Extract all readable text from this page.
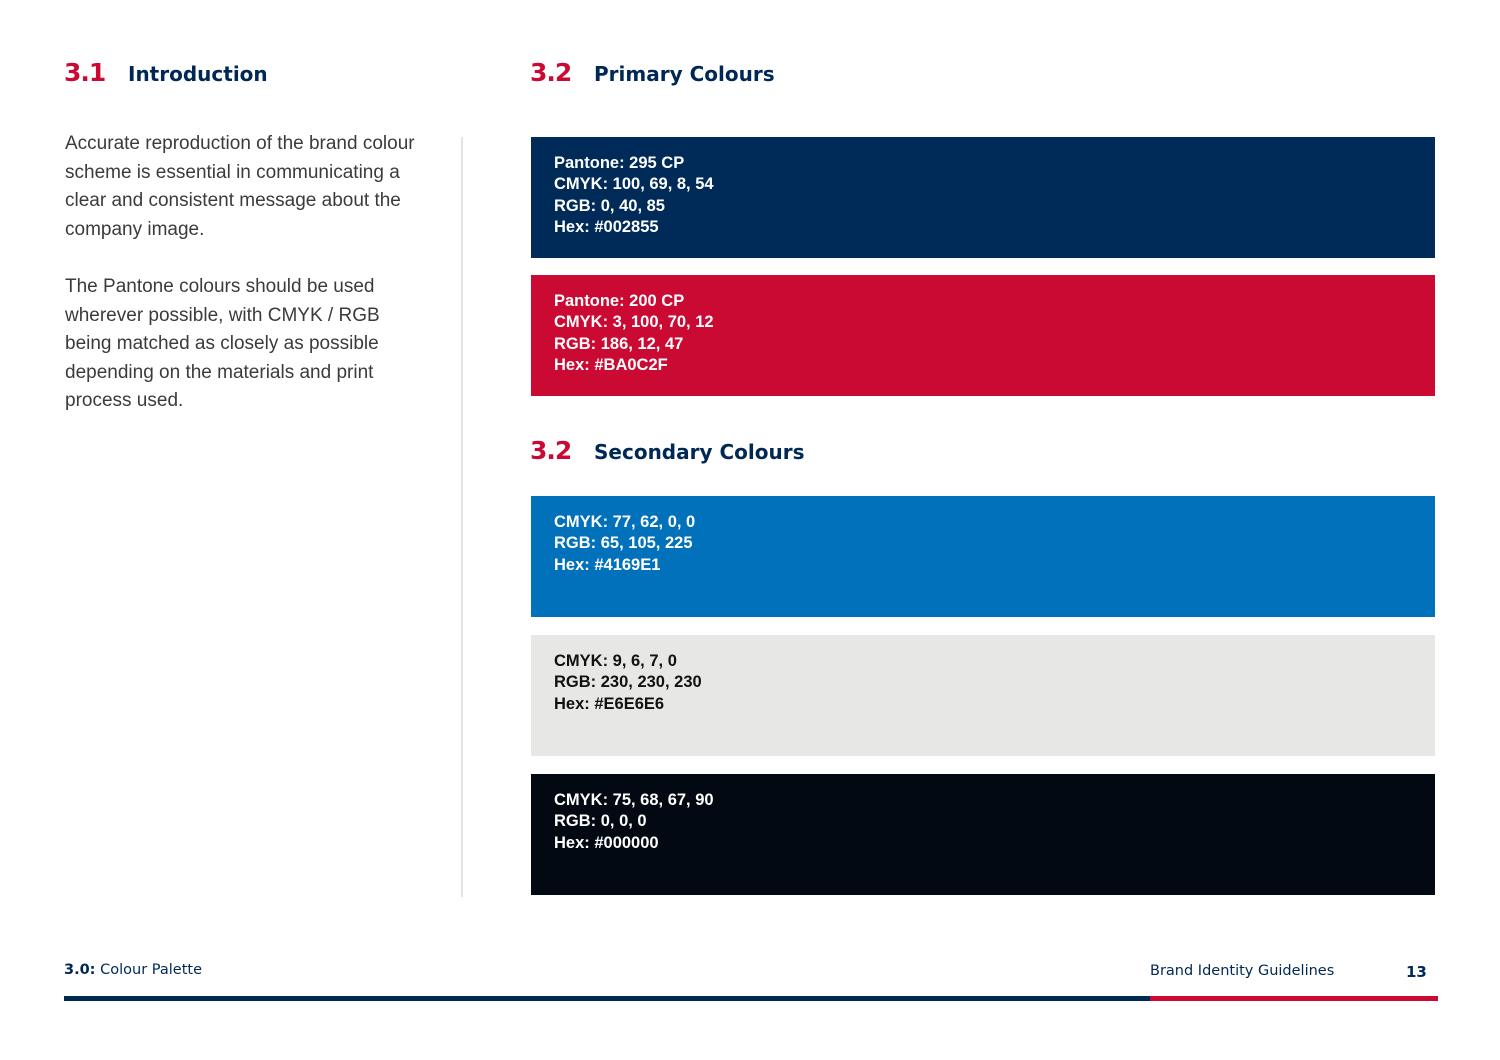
3.1	Introduction

Accurate reproduction of the brand colour scheme is essential in communicating a clear and consistent message about the company image.

The Pantone colours should be used wherever possible, with CMYK / RGB being matched as closely as possible depending on the materials and print process used.

3.2	Primary Colours
Pantone: 295 CP
CMYK: 100, 69, 8, 54
RGB: 0, 40, 85
Hex: #002855
Pantone: 200 CP
CMYK: 3, 100, 70, 12
RGB: 186, 12, 47
Hex: #BA0C2F
3.2	Secondary Colours
CMYK: 77, 62, 0, 0
RGB: 65, 105, 225
Hex: #4169E1
CMYK: 9, 6, 7, 0
RGB: 230, 230, 230
Hex: #E6E6E6
CMYK: 75, 68, 67, 90
RGB: 0, 0, 0
Hex: #000000
3.0: Colour Palette	Brand Identity Guidelines	13
